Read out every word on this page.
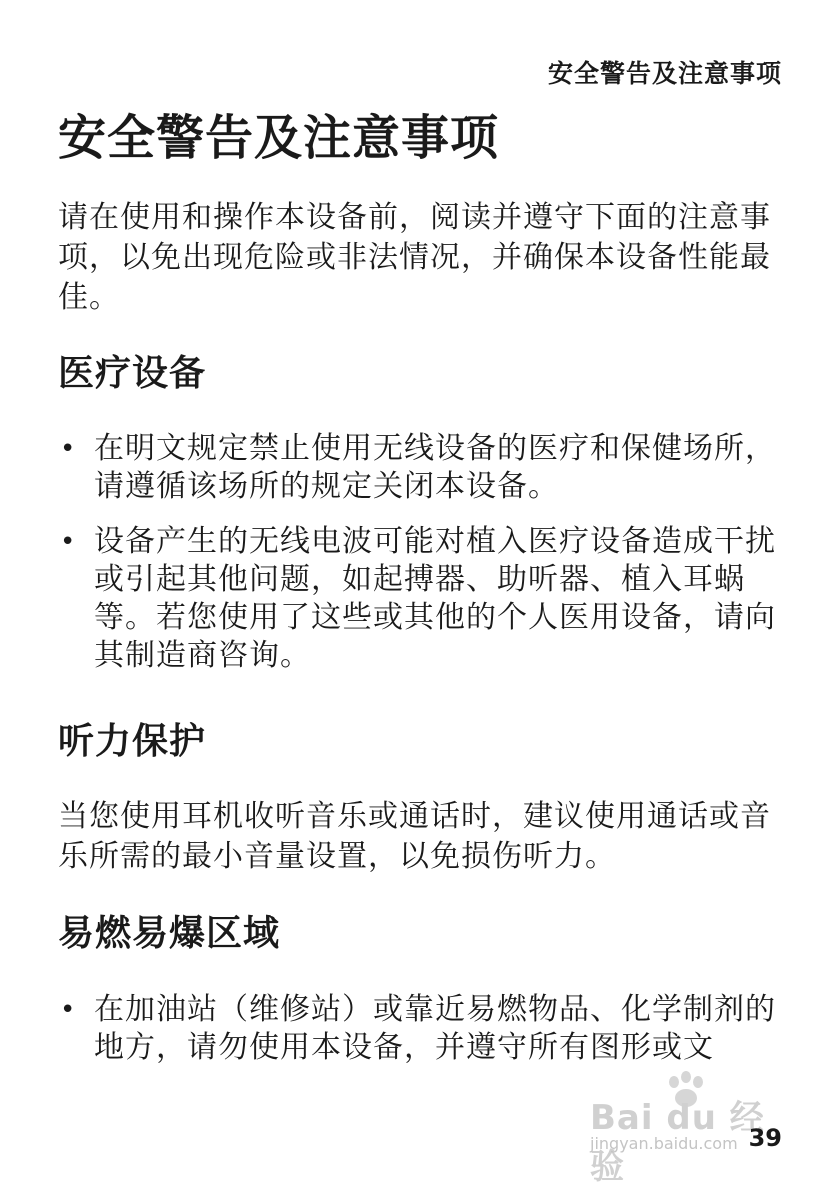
安全警告及注意事项
安全警告及注意事项

请在使用和操作本设备前，阅读并遵守下面的注意事项，以免出现危险或非法情况，并确保本设备性能最佳。

医疗设备
• 在明文规定禁止使用无线设备的医疗和保健场所，请遵循该场所的规定关闭本设备。
• 设备产生的无线电波可能对植入医疗设备造成干扰或引起其他问题，如起搏器、助听器、植入耳蜗等。若您使用了这些或其他的个人医用设备，请向其制造商咨询。
听力保护

当您使用耳机收听音乐或通话时，建议使用通话或音乐所需的最小音量设置，以免损伤听力。

易燃易爆区域
• 在加油站（维修站）或靠近易燃物品、化学制剂的地方，请勿使用本设备，并遵守所有图形或文
Bai du 经验
jingyan.baidu.com 39
